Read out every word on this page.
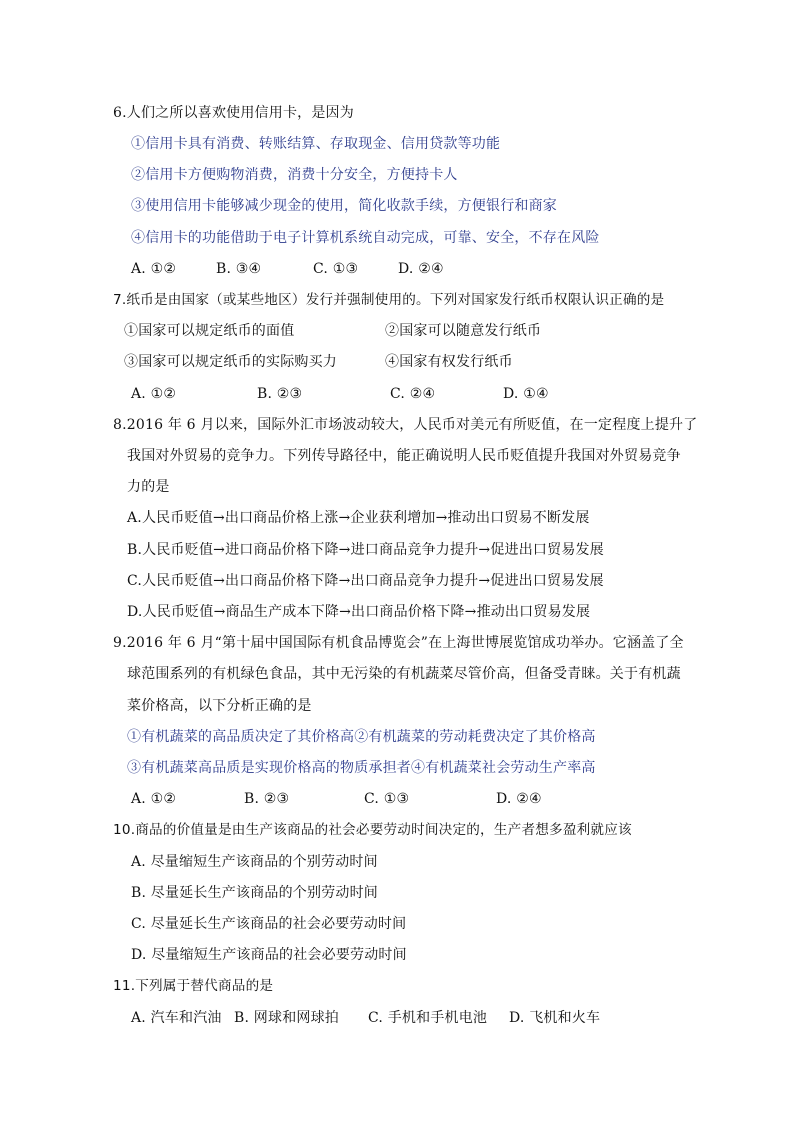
6.人们之所以喜欢使用信用卡，是因为
①信用卡具有消费、转账结算、存取现金、信用贷款等功能
②信用卡方便购物消费，消费十分安全，方便持卡人
③使用信用卡能够减少现金的使用，简化收款手续，方便银行和商家
④信用卡的功能借助于电子计算机系统自动完成，可靠、安全，不存在风险
A. ①②	B. ③④	C. ①③	D. ②④
7.纸币是由国家（或某些地区）发行并强制使用的。下列对国家发行纸币权限认识正确的是
①国家可以规定纸币的面值	②国家可以随意发行纸币
③国家可以规定纸币的实际购买力	④国家有权发行纸币
A. ①②	B. ②③	C. ②④	D. ①④
8.2016 年 6 月以来，国际外汇市场波动较大，人民币对美元有所贬值，在一定程度上提升了
我国对外贸易的竞争力。下列传导路径中，能正确说明人民币贬值提升我国对外贸易竞争
力的是
A.人民币贬值→出口商品价格上涨→企业获利增加→推动出口贸易不断发展
B.人民币贬值→进口商品价格下降→进口商品竞争力提升→促进出口贸易发展
C.人民币贬值→出口商品价格下降→出口商品竞争力提升→促进出口贸易发展
D.人民币贬值→商品生产成本下降→出口商品价格下降→推动出口贸易发展
9.2016 年 6 月“第十届中国国际有机食品博览会”在上海世博展览馆成功举办。它涵盖了全
球范围系列的有机绿色食品，其中无污染的有机蔬菜尽管价高，但备受青睐。关于有机蔬
菜价格高，以下分析正确的是
①有机蔬菜的高品质决定了其价格高②有机蔬菜的劳动耗费决定了其价格高
③有机蔬菜高品质是实现价格高的物质承担者④有机蔬菜社会劳动生产率高
A. ①②	B. ②③	C. ①③	D. ②④
10.商品的价值量是由生产该商品的社会必要劳动时间决定的，生产者想多盈利就应该
A. 尽量缩短生产该商品的个别劳动时间
B. 尽量延长生产该商品的个别劳动时间
C. 尽量延长生产该商品的社会必要劳动时间
D. 尽量缩短生产该商品的社会必要劳动时间
11.下列属于替代商品的是
A. 汽车和汽油 B. 网球和网球拍 C. 手机和手机电池 D. 飞机和火车
